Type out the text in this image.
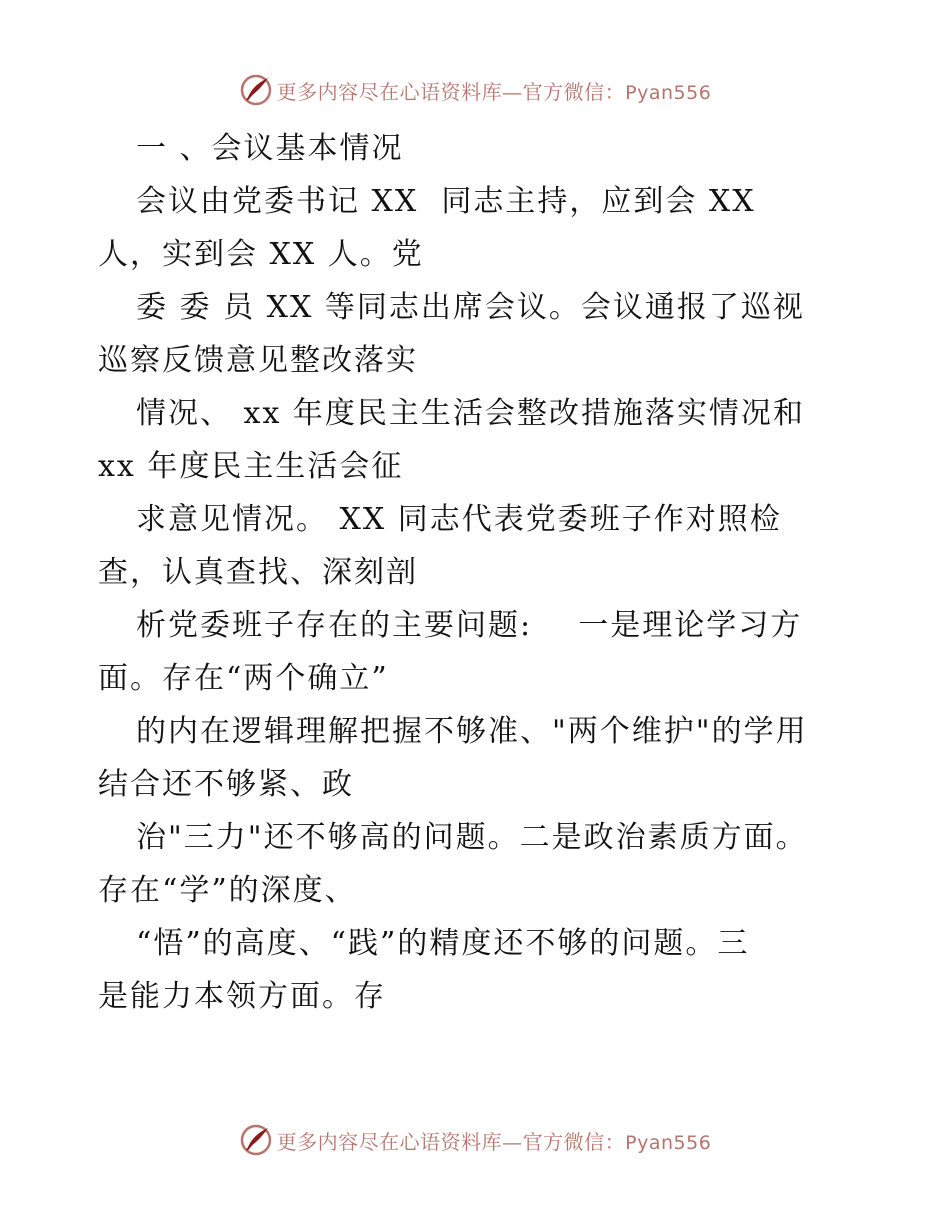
更多内容尽在心语资料库—官方微信：Pyan556
一 、会议基本情况
会议由党委书记 XX  同志主持，应到会 XX
人，实到会 XX 人。党
委 委 员 XX 等同志出席会议。会议通报了巡视
巡察反馈意见整改落实
情况、 xx 年度民主生活会整改措施落实情况和
xx 年度民主生活会征
求意见情况。 XX 同志代表党委班子作对照检
查，认真查找、深刻剖
析党委班子存在的主要问题:    一是理论学习方
面。存在“两个确立”
的内在逻辑理解把握不够准、"两个维护"的学用
结合还不够紧、政
治"三力"还不够高的问题。二是政治素质方面。
存在“学”的深度、
“悟”的高度、“践”的精度还不够的问题。三
是能力本领方面。存
更多内容尽在心语资料库—官方微信：Pyan556
